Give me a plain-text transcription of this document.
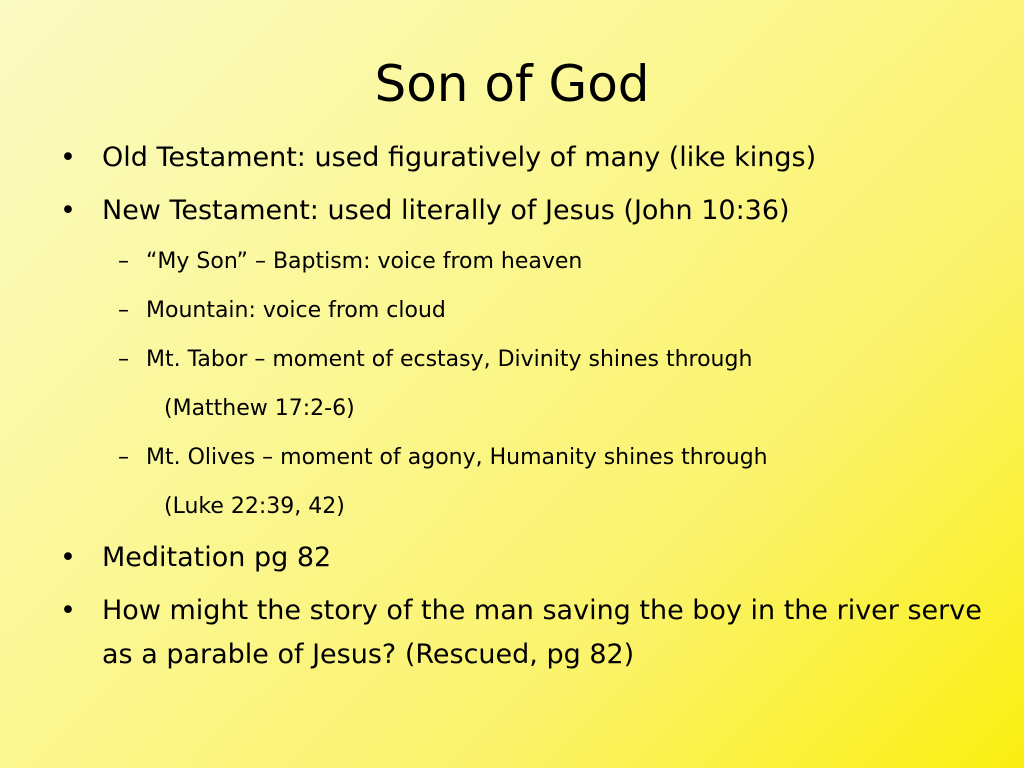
Son of God
• Old Testament: used figuratively of many (like kings)
• New Testament: used literally of Jesus (John 10:36)
– “My Son” – Baptism: voice from heaven
– Mountain: voice from cloud
– Mt. Tabor – moment of ecstasy, Divinity shines through
(Matthew 17:2-6)
– Mt. Olives – moment of agony, Humanity shines through
(Luke 22:39, 42)
• Meditation pg 82
• How might the story of the man saving the boy in the river serve as a parable of Jesus? (Rescued, pg 82)
